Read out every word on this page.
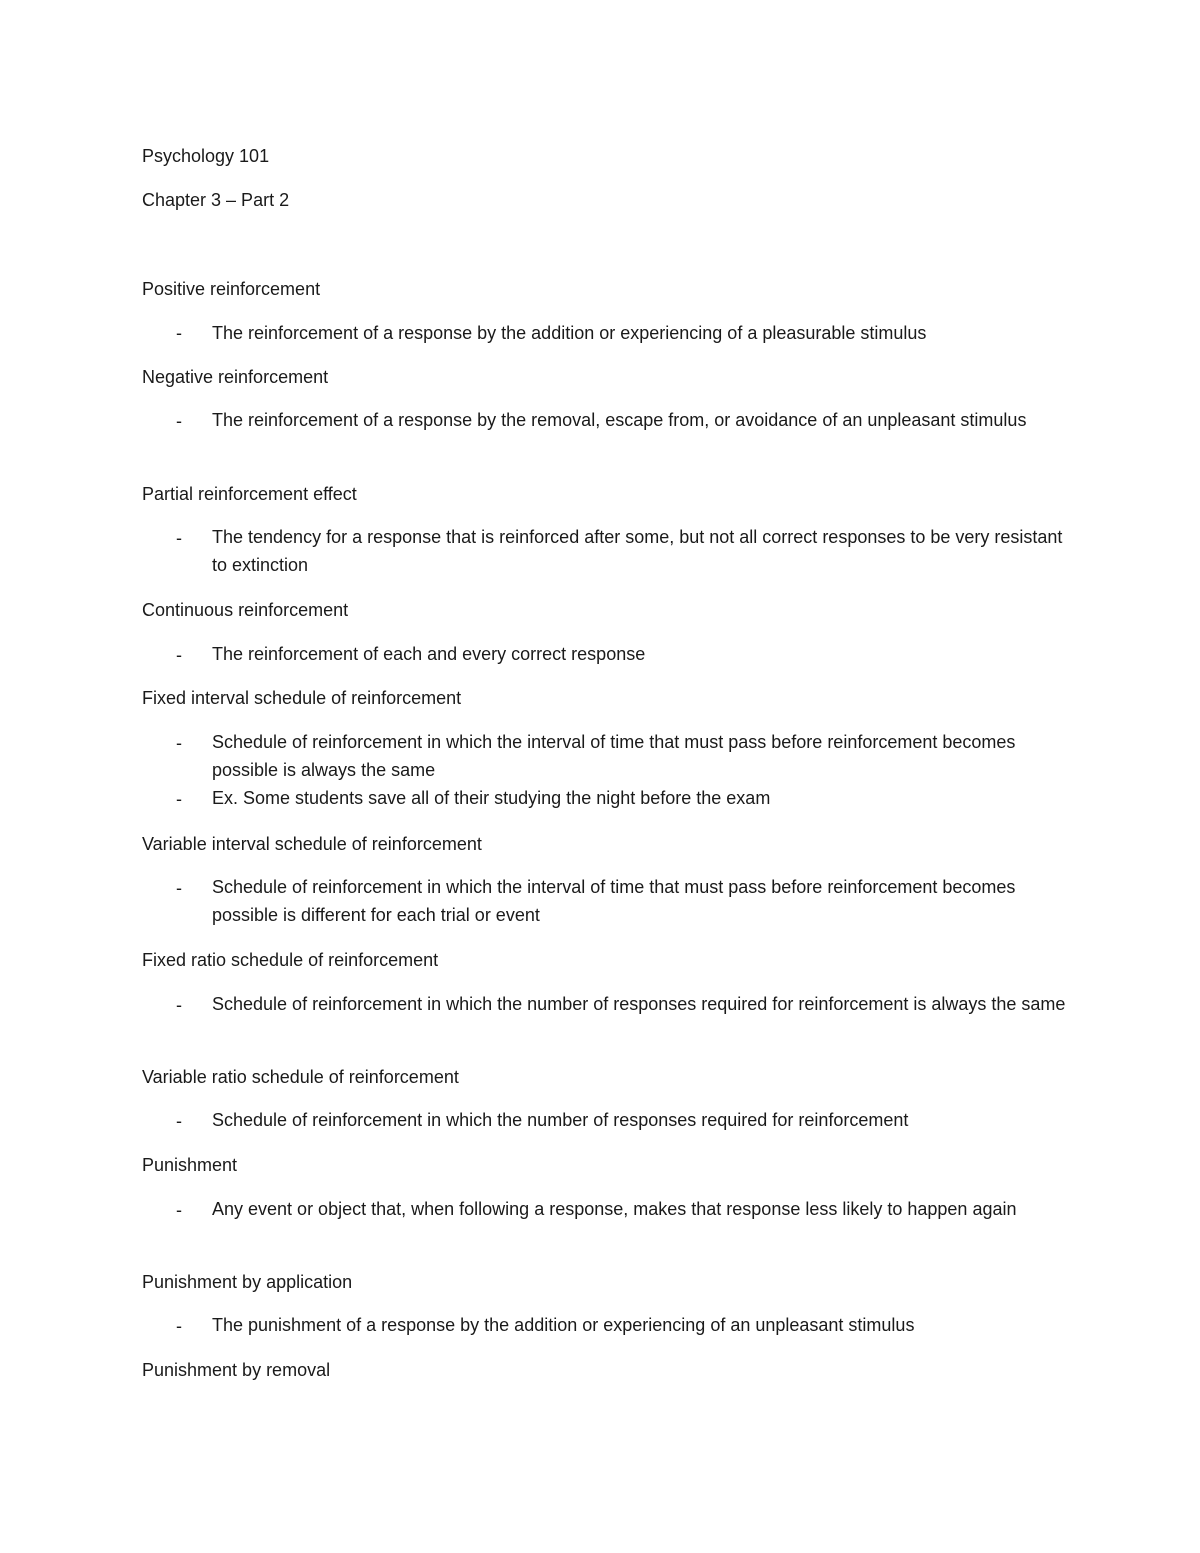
Psychology 101
Chapter 3 – Part 2
Positive reinforcement
- The reinforcement of a response by the addition or experiencing of a pleasurable stimulus
Negative reinforcement
- The reinforcement of a response by the removal, escape from, or avoidance of an unpleasant stimulus
Partial reinforcement effect
- The tendency for a response that is reinforced after some, but not all correct responses to be very resistant to extinction
Continuous reinforcement
- The reinforcement of each and every correct response
Fixed interval schedule of reinforcement
- Schedule of reinforcement in which the interval of time that must pass before reinforcement becomes possible is always the same
- Ex. Some students save all of their studying the night before the exam
Variable interval schedule of reinforcement
- Schedule of reinforcement in which the interval of time that must pass before reinforcement becomes possible is different for each trial or event
Fixed ratio schedule of reinforcement
- Schedule of reinforcement in which the number of responses required for reinforcement is always the same
Variable ratio schedule of reinforcement
- Schedule of reinforcement in which the number of responses required for reinforcement
Punishment
- Any event or object that, when following a response, makes that response less likely to happen again
Punishment by application
- The punishment of a response by the addition or experiencing of an unpleasant stimulus
Punishment by removal
